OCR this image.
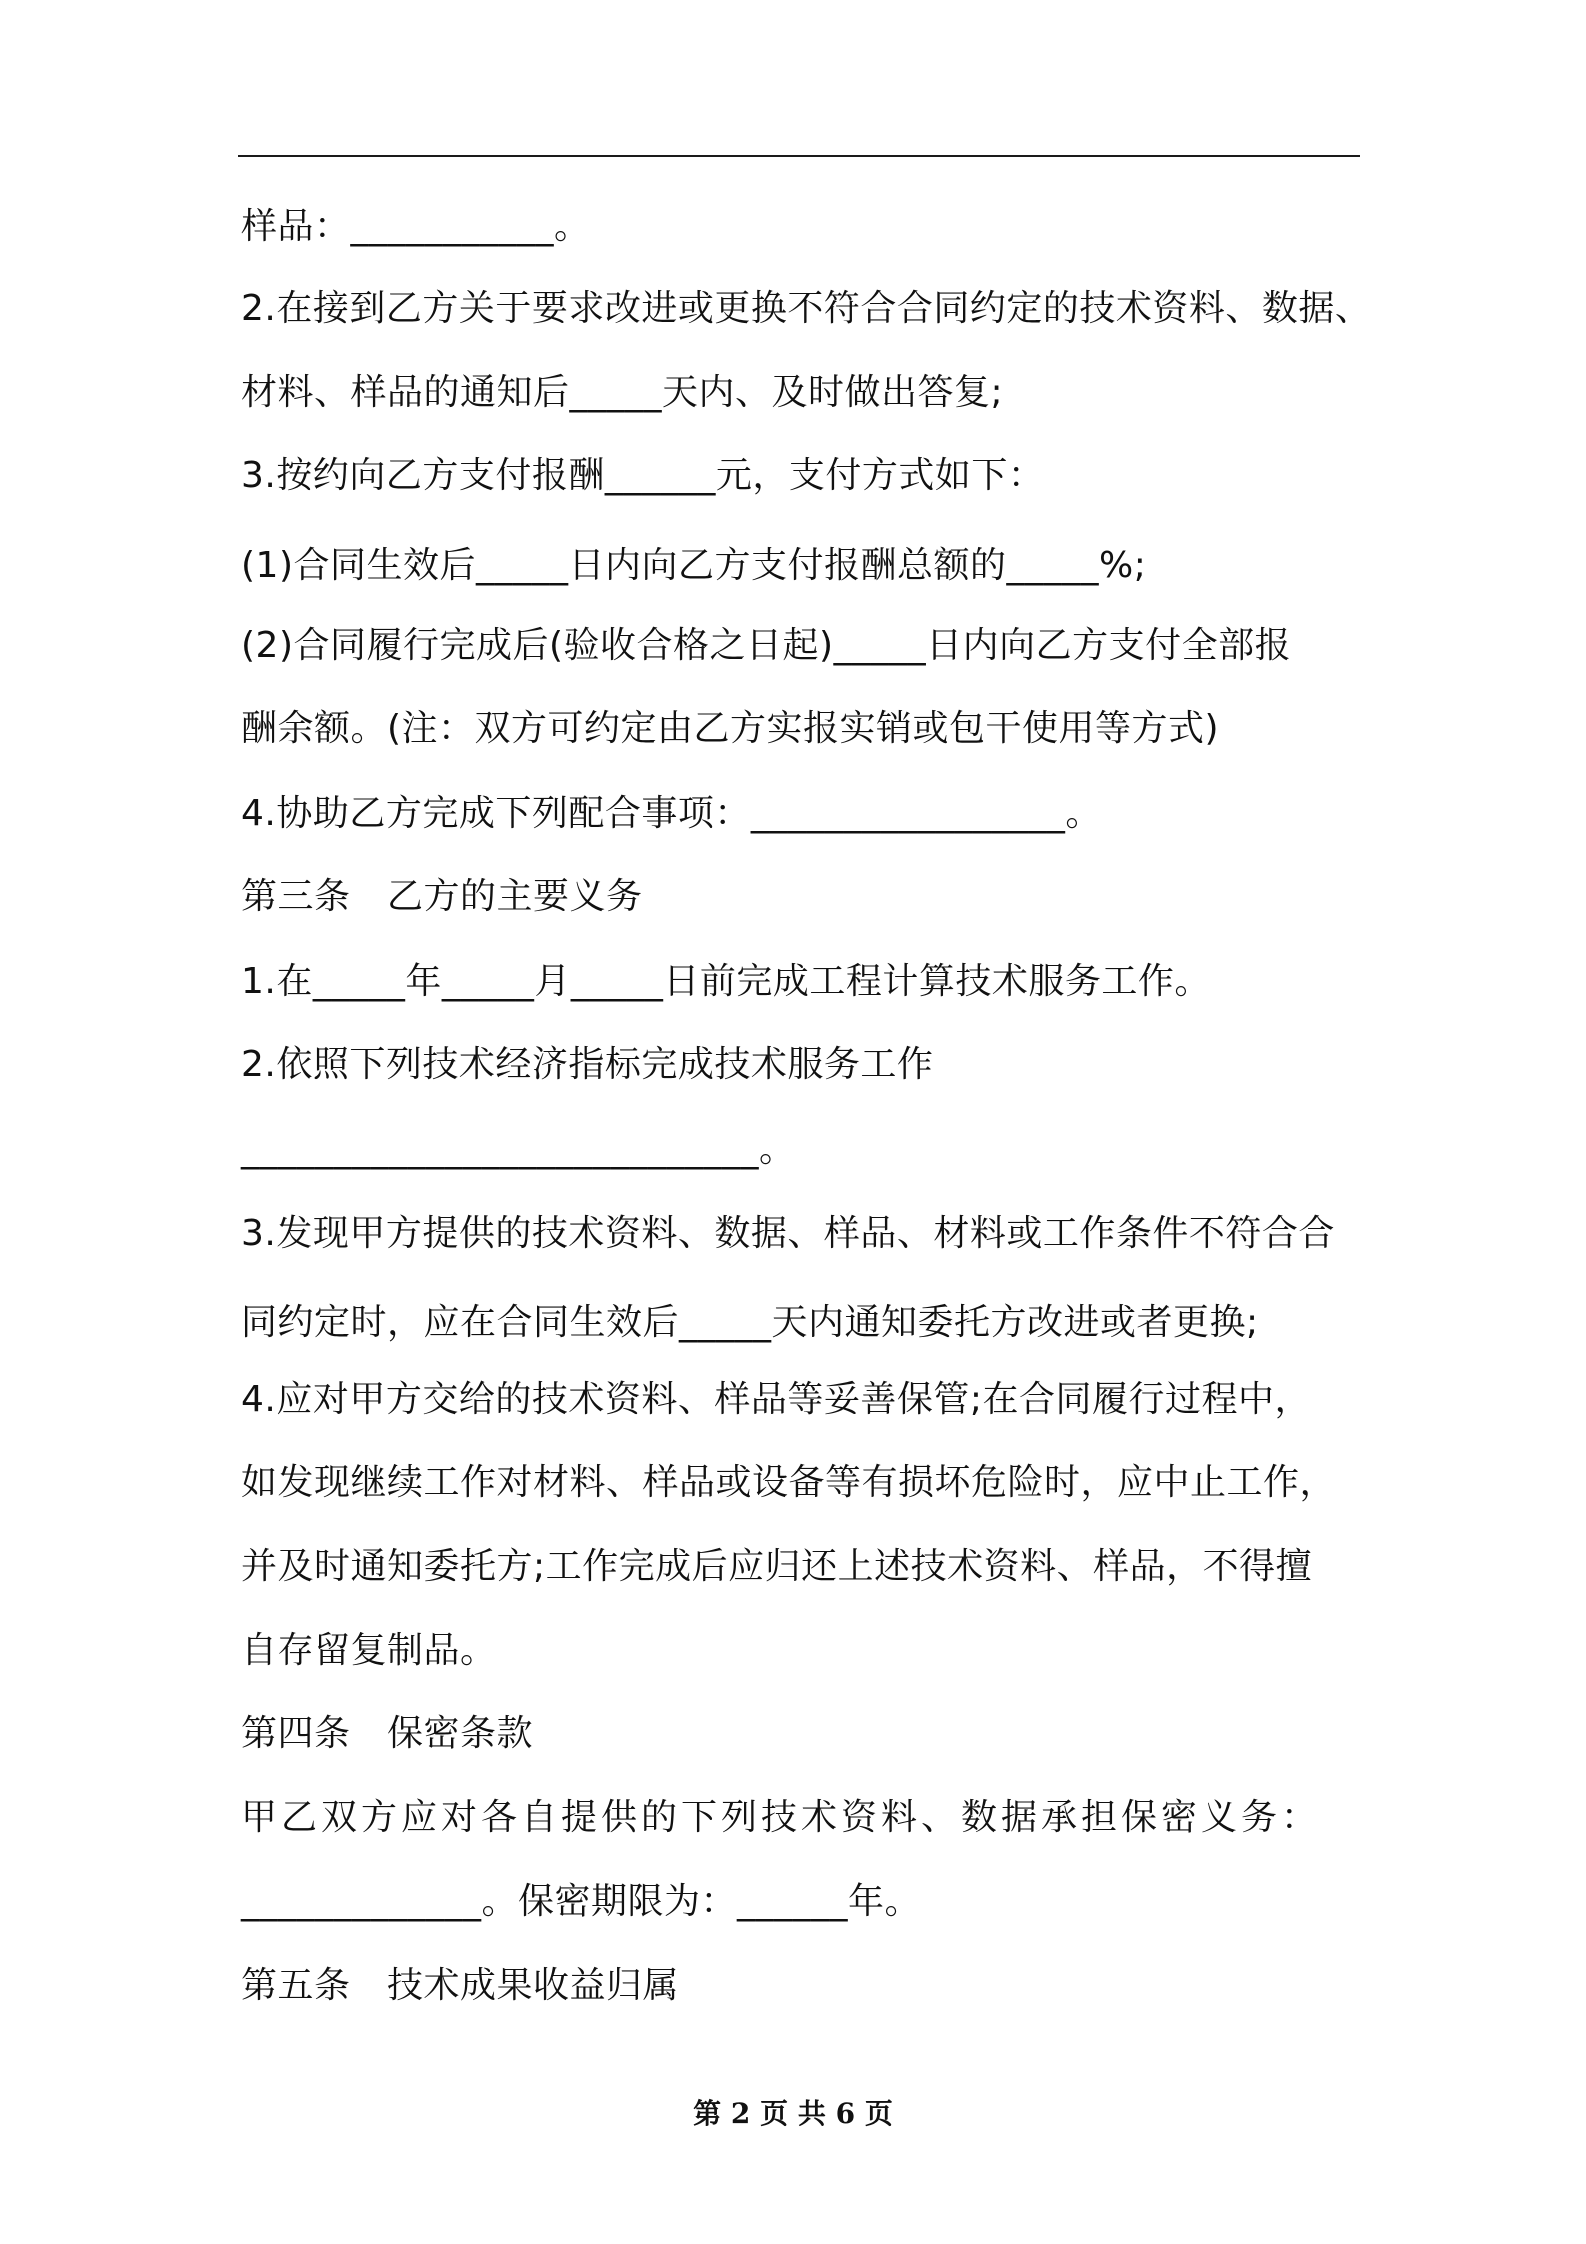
样品：___________。
2.在接到乙方关于要求改进或更换不符合合同约定的技术资料、数据、
材料、样品的通知后_____天内、及时做出答复;
3.按约向乙方支付报酬______元，支付方式如下：
(1)合同生效后_____日内向乙方支付报酬总额的_____%;
(2)合同履行完成后(验收合格之日起)_____日内向乙方支付全部报
酬余额。(注：双方可约定由乙方实报实销或包干使用等方式)
4.协助乙方完成下列配合事项：_________________。
第三条　乙方的主要义务
1.在_____年_____月_____日前完成工程计算技术服务工作。
2.依照下列技术经济指标完成技术服务工作
____________________________。
3.发现甲方提供的技术资料、数据、样品、材料或工作条件不符合合
同约定时，应在合同生效后_____天内通知委托方改进或者更换;
4.应对甲方交给的技术资料、样品等妥善保管;在合同履行过程中，
如发现继续工作对材料、样品或设备等有损坏危险时，应中止工作，
并及时通知委托方;工作完成后应归还上述技术资料、样品，不得擅
自存留复制品。
第四条　保密条款
甲乙双方应对各自提供的下列技术资料、数据承担保密义务：
_____________。保密期限为：______年。
第五条　技术成果收益归属
第 2 页 共 6 页
